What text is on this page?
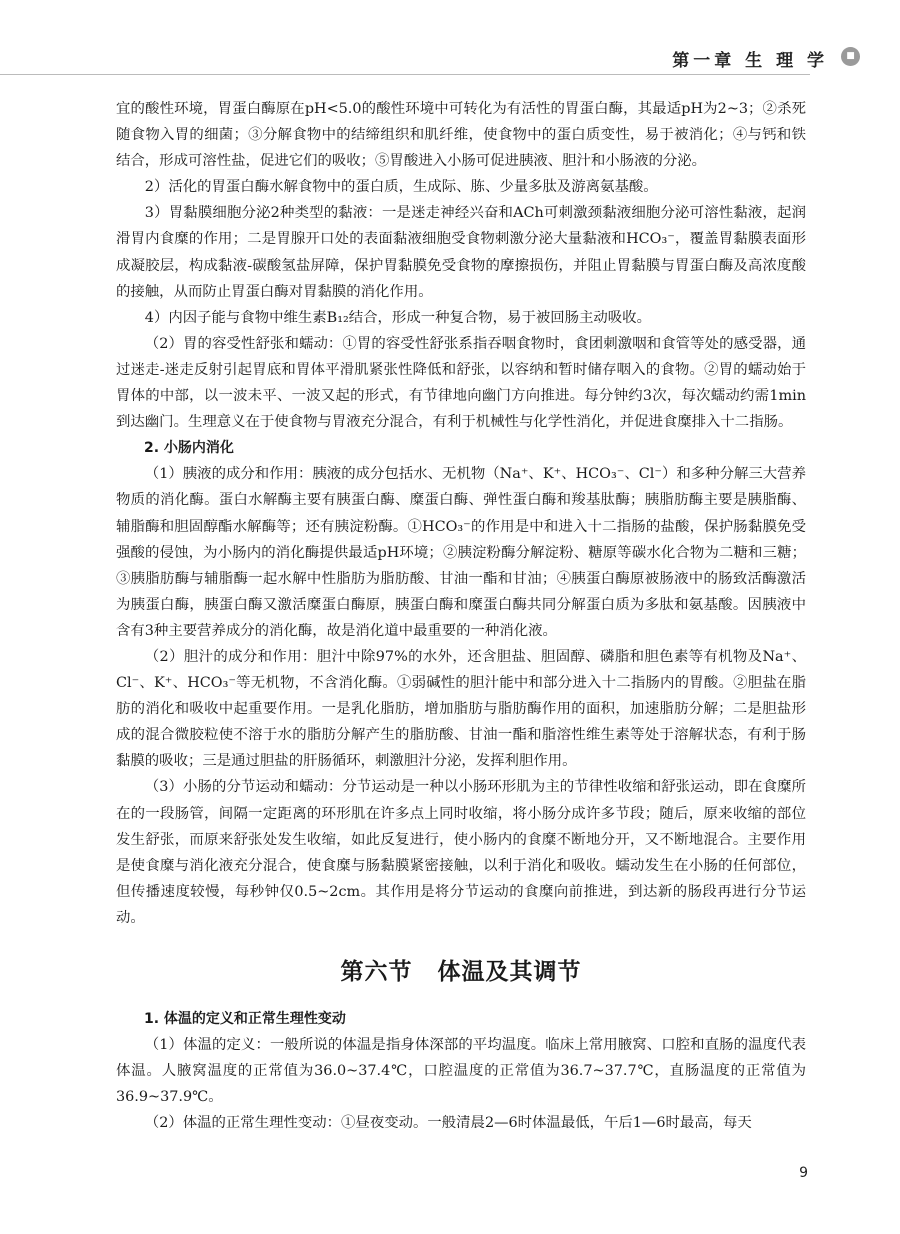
第一章 生 理 学	■

宜的酸性环境，胃蛋白酶原在pH<5.0的酸性环境中可转化为有活性的胃蛋白酶，其最适pH为2~3；②杀死随食物入胃的细菌；③分解食物中的结缔组织和肌纤维，使食物中的蛋白质变性，易于被消化；④与钙和铁结合，形成可溶性盐，促进它们的吸收；⑤胃酸进入小肠可促进胰液、胆汁和小肠液的分泌。

2）活化的胃蛋白酶水解食物中的蛋白质，生成际、胨、少量多肽及游离氨基酸。

3）胃黏膜细胞分泌2种类型的黏液：一是迷走神经兴奋和ACh可刺激颈黏液细胞分泌可溶性黏液，起润滑胃内食糜的作用；二是胃腺开口处的表面黏液细胞受食物刺激分泌大量黏液和HCO₃⁻，覆盖胃黏膜表面形成凝胶层，构成黏液-碳酸氢盐屏障，保护胃黏膜免受食物的摩擦损伤，并阻止胃黏膜与胃蛋白酶及高浓度酸的接触，从而防止胃蛋白酶对胃黏膜的消化作用。

4）内因子能与食物中维生素B₁₂结合，形成一种复合物，易于被回肠主动吸收。

（2）胃的容受性舒张和蠕动：①胃的容受性舒张系指吞咽食物时，食团刺激咽和食管等处的感受器，通过迷走-迷走反射引起胃底和胃体平滑肌紧张性降低和舒张，以容纳和暂时储存咽入的食物。②胃的蠕动始于胃体的中部，以一波未平、一波又起的形式，有节律地向幽门方向推进。每分钟约3次，每次蠕动约需1min到达幽门。生理意义在于使食物与胃液充分混合，有利于机械性与化学性消化，并促进食糜排入十二指肠。

2. 小肠内消化

（1）胰液的成分和作用：胰液的成分包括水、无机物（Na⁺、K⁺、HCO₃⁻、Cl⁻）和多种分解三大营养物质的消化酶。蛋白水解酶主要有胰蛋白酶、糜蛋白酶、弹性蛋白酶和羧基肽酶；胰脂肪酶主要是胰脂酶、辅脂酶和胆固醇酯水解酶等；还有胰淀粉酶。①HCO₃⁻的作用是中和进入十二指肠的盐酸，保护肠黏膜免受强酸的侵蚀，为小肠内的消化酶提供最适pH环境；②胰淀粉酶分解淀粉、糖原等碳水化合物为二糖和三糖；③胰脂肪酶与辅脂酶一起水解中性脂肪为脂肪酸、甘油一酯和甘油；④胰蛋白酶原被肠液中的肠致活酶激活为胰蛋白酶，胰蛋白酶又激活糜蛋白酶原，胰蛋白酶和糜蛋白酶共同分解蛋白质为多肽和氨基酸。因胰液中含有3种主要营养成分的消化酶，故是消化道中最重要的一种消化液。

（2）胆汁的成分和作用：胆汁中除97%的水外，还含胆盐、胆固醇、磷脂和胆色素等有机物及Na⁺、Cl⁻、K⁺、HCO₃⁻等无机物，不含消化酶。①弱碱性的胆汁能中和部分进入十二指肠内的胃酸。②胆盐在脂肪的消化和吸收中起重要作用。一是乳化脂肪，增加脂肪与脂肪酶作用的面积，加速脂肪分解；二是胆盐形成的混合微胶粒使不溶于水的脂肪分解产生的脂肪酸、甘油一酯和脂溶性维生素等处于溶解状态，有利于肠黏膜的吸收；三是通过胆盐的肝肠循环，刺激胆汁分泌，发挥利胆作用。

（3）小肠的分节运动和蠕动：分节运动是一种以小肠环形肌为主的节律性收缩和舒张运动，即在食糜所在的一段肠管，间隔一定距离的环形肌在许多点上同时收缩，将小肠分成许多节段；随后，原来收缩的部位发生舒张，而原来舒张处发生收缩，如此反复进行，使小肠内的食糜不断地分开，又不断地混合。主要作用是使食糜与消化液充分混合，使食糜与肠黏膜紧密接触，以利于消化和吸收。蠕动发生在小肠的任何部位，但传播速度较慢，每秒钟仅0.5~2cm。其作用是将分节运动的食糜向前推进，到达新的肠段再进行分节运动。

第六节 体温及其调节

1. 体温的定义和正常生理性变动

（1）体温的定义：一般所说的体温是指身体深部的平均温度。临床上常用腋窝、口腔和直肠的温度代表体温。人腋窝温度的正常值为36.0~37.4℃，口腔温度的正常值为36.7~37.7℃，直肠温度的正常值为36.9~37.9℃。

（2）体温的正常生理性变动：①昼夜变动。一般清晨2—6时体温最低，午后1—6时最高，每天

9
